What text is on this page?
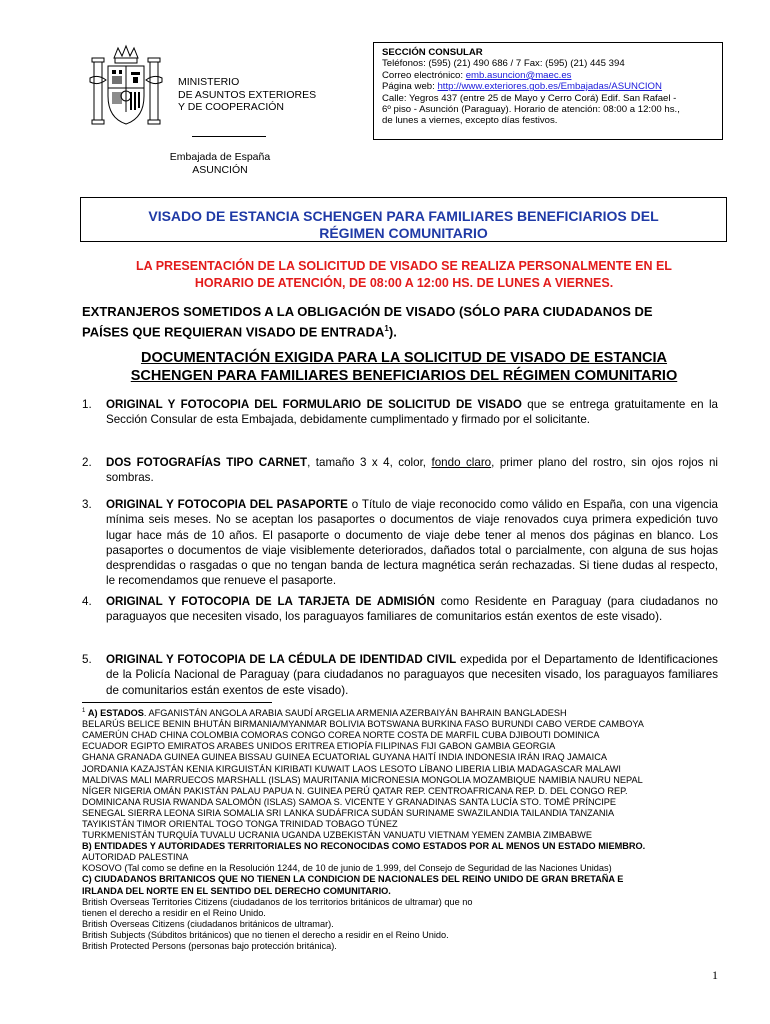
MINISTERIO
DE ASUNTOS EXTERIORES
Y DE COOPERACIÓN
Embajada de España
ASUNCIÓN
SECCIÓN CONSULAR
Teléfonos: (595) (21) 490 686 / 7 Fax: (595) (21) 445 394
Correo electrónico: emb.asuncion@maec.es
Página web: http://www.exteriores.gob.es/Embajadas/ASUNCION
Calle: Yegros 437 (entre 25 de Mayo y Cerro Corá) Edif. San Rafael -
6º piso - Asunción (Paraguay). Horario de atención: 08:00 a 12:00 hs.,
de lunes a viernes, excepto días festivos.
VISADO DE ESTANCIA SCHENGEN PARA FAMILIARES BENEFICIARIOS DEL
RÉGIMEN COMUNITARIO
LA PRESENTACIÓN DE LA SOLICITUD DE VISADO SE REALIZA PERSONALMENTE EN EL
HORARIO DE ATENCIÓN, DE 08:00 A 12:00 HS. DE LUNES A VIERNES.
EXTRANJEROS SOMETIDOS A LA OBLIGACIÓN DE VISADO (SÓLO PARA CIUDADANOS DE
PAÍSES QUE REQUIERAN VISADO DE ENTRADA$^1$).
DOCUMENTACIÓN EXIGIDA PARA LA SOLICITUD DE VISADO DE ESTANCIA
SCHENGEN PARA FAMILIARES BENEFICIARIOS DEL RÉGIMEN COMUNITARIO
1. ORIGINAL Y FOTOCOPIA DEL FORMULARIO DE SOLICITUD DE VISADO que se entrega gratuitamente en la Sección Consular de esta Embajada, debidamente cumplimentado y firmado por el solicitante.
2. DOS FOTOGRAFÍAS TIPO CARNET, tamaño 3 x 4, color, fondo claro, primer plano del rostro, sin ojos rojos ni sombras.
3. ORIGINAL Y FOTOCOPIA DEL PASAPORTE o Título de viaje reconocido como válido en España, con una vigencia mínima seis meses. No se aceptan los pasaportes o documentos de viaje renovados cuya primera expedición tuvo lugar hace más de 10 años. El pasaporte o documento de viaje debe tener al menos dos páginas en blanco. Los pasaportes o documentos de viaje visiblemente deteriorados, dañados total o parcialmente, con alguna de sus hojas desprendidas o rasgadas o que no tengan banda de lectura magnética serán rechazadas. Si tiene dudas al respecto, le recomendamos que renueve el pasaporte.
4. ORIGINAL Y FOTOCOPIA DE LA TARJETA DE ADMISIÓN como Residente en Paraguay (para ciudadanos no paraguayos que necesiten visado, los paraguayos familiares de comunitarios están exentos de este visado).
5. ORIGINAL Y FOTOCOPIA DE LA CÉDULA DE IDENTIDAD CIVIL expedida por el Departamento de Identificaciones de la Policía Nacional de Paraguay (para ciudadanos no paraguayos que necesiten visado, los paraguayos familiares de comunitarios están exentos de este visado).
$^1$ A) ESTADOS. AFGANISTÁN ANGOLA ARABIA SAUDÍ ARGELIA ARMENIA AZERBAIYÁN BAHRAIN BANGLADESH
BELARÚS BELICE BENIN BHUTÁN BIRMANIA/MYANMAR BOLIVIA BOTSWANA BURKINA FASO BURUNDI CABO VERDE CAMBOYA
CAMERÚN CHAD CHINA COLOMBIA COMORAS CONGO COREA NORTE COSTA DE MARFIL CUBA DJIBOUTI DOMINICA
ECUADOR EGIPTO EMIRATOS ARABES UNIDOS ERITREA ETIOPÍA FILIPINAS FIJI GABON GAMBIA GEORGIA
GHANA GRANADA GUINEA GUINEA BISSAU GUINEA ECUATORIAL GUYANA HAITÍ INDIA INDONESIA IRÁN IRAQ JAMAICA
JORDANIA KAZAJSTÁN KENIA KIRGUISTÁN KIRIBATI KUWAIT LAOS LESOTO LÍBANO LIBERIA LIBIA MADAGASCAR MALAWI
MALDIVAS MALI MARRUECOS MARSHALL (ISLAS) MAURITANIA MICRONESIA MONGOLIA MOZAMBIQUE NAMIBIA NAURU NEPAL
NÍGER NIGERIA OMÁN PAKISTÁN PALAU PAPUA N. GUINEA PERÚ QATAR REP. CENTROAFRICANA REP. D. DEL CONGO REP.
DOMINICANA RUSIA RWANDA SALOMÓN (ISLAS) SAMOA S. VICENTE Y GRANADINAS SANTA LUCÍA STO. TOMÉ PRÍNCIPE
SENEGAL SIERRA LEONA SIRIA SOMALIA SRI LANKA SUDÁFRICA SUDÁN SURINAME SWAZILANDIA TAILANDIA TANZANIA
TAYIKISTÁN TIMOR ORIENTAL TOGO TONGA TRINIDAD TOBAGO TÚNEZ
TURKMENISTÁN TURQUÍA TUVALU UCRANIA UGANDA UZBEKISTÁN VANUATU VIETNAM YEMEN ZAMBIA ZIMBABWE
B) ENTIDADES Y AUTORIDADES TERRITORIALES NO RECONOCIDAS COMO ESTADOS POR AL MENOS UN ESTADO MIEMBRO.
AUTORIDAD PALESTINA
KOSOVO (Tal como se define en la Resolución 1244, de 10 de junio de 1.999, del Consejo de Seguridad de las Naciones Unidas)
C) CIUDADANOS BRITANICOS QUE NO TIENEN LA CONDICION DE NACIONALES DEL REINO UNIDO DE GRAN BRETAÑA E
IRLANDA DEL NORTE EN EL SENTIDO DEL DERECHO COMUNITARIO.
British Overseas Territories Citizens (ciudadanos de los territorios británicos de ultramar) que no
tienen el derecho a residir en el Reino Unido.
British Overseas Citizens (ciudadanos británicos de ultramar).
British Subjects (Súbditos británicos) que no tienen el derecho a residir en el Reino Unido.
British Protected Persons (personas bajo protección británica).
1
